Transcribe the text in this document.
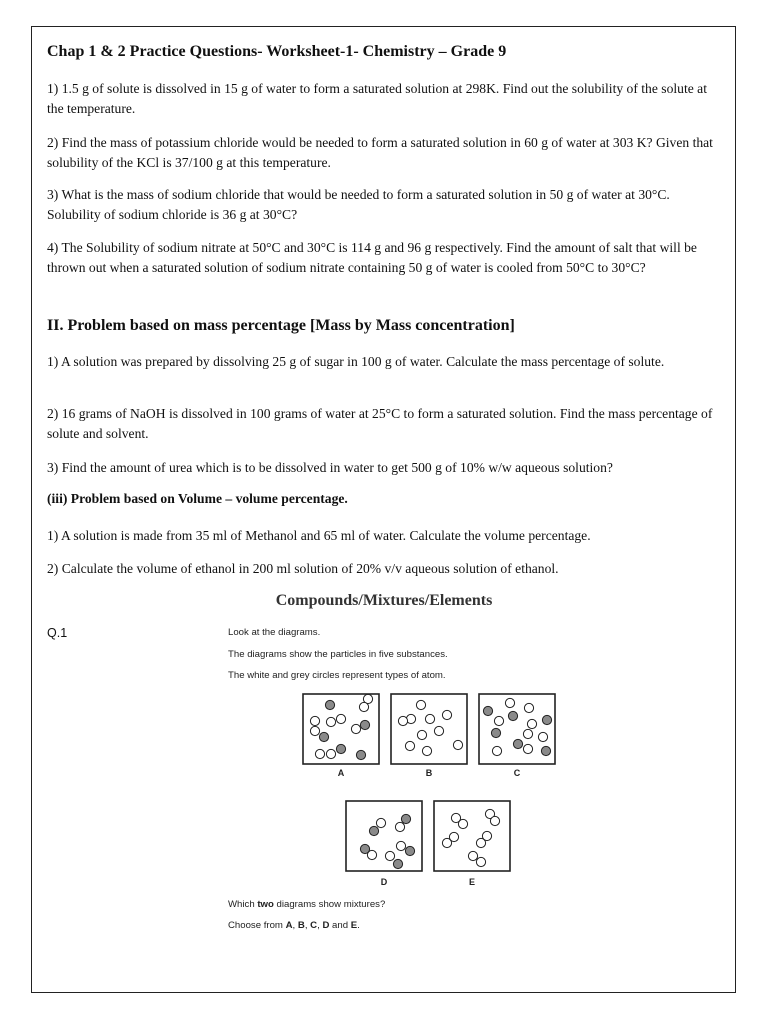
Chap 1 & 2 Practice Questions- Worksheet-1- Chemistry – Grade 9

1) 1.5 g of solute is dissolved in 15 g of water to form a saturated solution at 298K. Find out the solubility of the solute at the temperature.

2) Find the mass of potassium chloride would be needed to form a saturated solution in 60 g of water at 303 K? Given that solubility of the KCl is 37/100 g at this temperature.

3) What is the mass of sodium chloride that would be needed to form a saturated solution in 50 g of water at 30°C. Solubility of sodium chloride is 36 g at 30°C?

4) The Solubility of sodium nitrate at 50°C and 30°C is 114 g and 96 g respectively. Find the amount of salt that will be thrown out when a saturated solution of sodium nitrate containing 50 g of water is cooled from 50°C to 30°C?

II. Problem based on mass percentage [Mass by Mass concentration]

1) A solution was prepared by dissolving 25 g of sugar in 100 g of water. Calculate the mass percentage of solute.

2) 16 grams of NaOH is dissolved in 100 grams of water at 25°C to form a saturated solution. Find the mass percentage of solute and solvent.

3) Find the amount of urea which is to be dissolved in water to get 500 g of 10% w/w aqueous solution?

(iii) Problem based on Volume – volume percentage.

1) A solution is made from 35 ml of Methanol and 65 ml of water. Calculate the volume percentage.

2) Calculate the volume of ethanol in 200 ml solution of 20% v/v aqueous solution of ethanol.

Compounds/Mixtures/Elements

Q.1	Look at the diagrams.

The diagrams show the particles in five substances.

The white and grey circles represent types of atom.

A	B	C
D	E

Which two diagrams show mixtures?

Choose from A, B, C, D and E.
